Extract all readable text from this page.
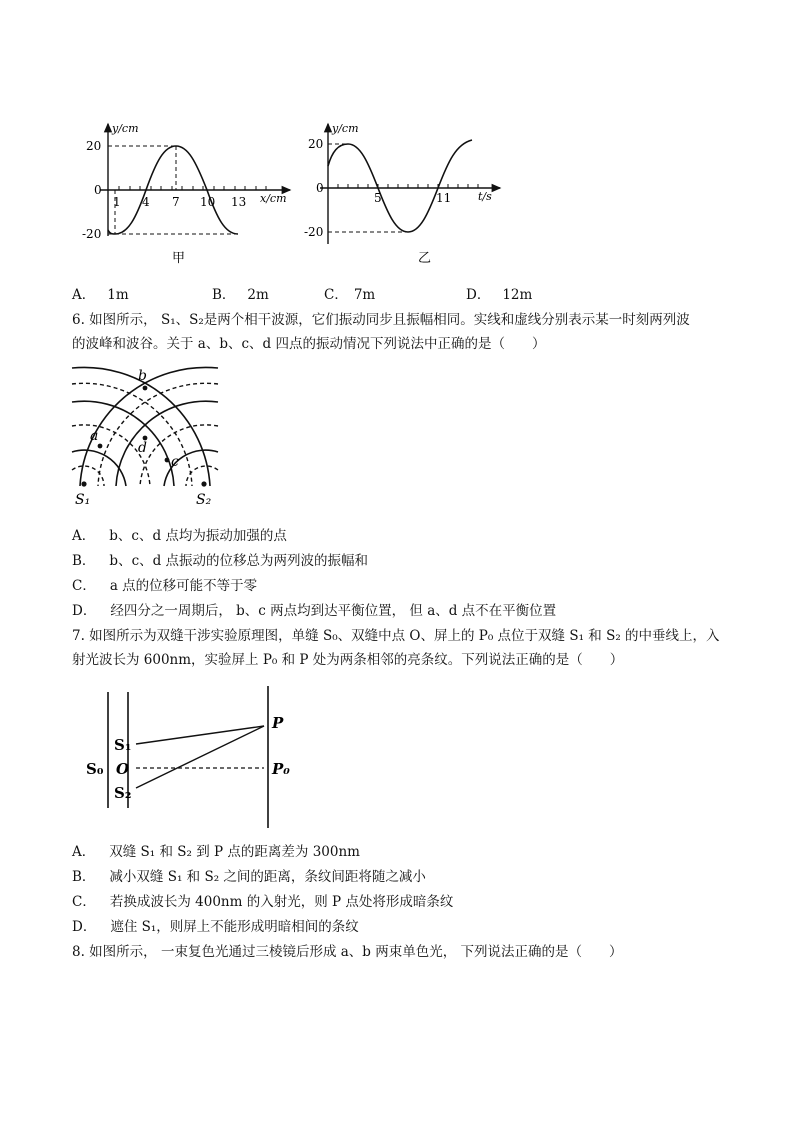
y/cm
20
0
-20
1 4 7 10 13 x/cm
甲
y/cm
20
0
-20
5	11 t/s
乙
A． 1m	B． 2m	C． 7m	D． 12m
6. 如图所示， S₁、S₂是两个相干波源，它们振动同步且振幅相同。实线和虚线分别表示某一时刻两列波
的波峰和波谷。关于 a、b、c、d 四点的振动情况下列说法中正确的是（　　）
b
a
d
c
S₁	S₂
A． b、c、d 点均为振动加强的点
B． b、c、d 点振动的位移总为两列波的振幅和
C． a 点的位移可能不等于零
D． 经四分之一周期后， b、c 两点均到达平衡位置， 但 a、d 点不在平衡位置
7. 如图所示为双缝干涉实验原理图，单缝 S₀、双缝中点 O、屏上的 P₀ 点位于双缝 S₁ 和 S₂ 的中垂线上，入
射光波长为 600nm，实验屏上 P₀ 和 P 处为两条相邻的亮条纹。下列说法正确的是（　　）
S₀
S₁
O
S₂
P
P₀
A． 双缝 S₁ 和 S₂ 到 P 点的距离差为 300nm
B． 减小双缝 S₁ 和 S₂ 之间的距离，条纹间距将随之减小
C． 若换成波长为 400nm 的入射光，则 P 点处将形成暗条纹
D． 遮住 S₁，则屏上不能形成明暗相间的条纹
8. 如图所示， 一束复色光通过三棱镜后形成 a、b 两束单色光， 下列说法正确的是（　　）
